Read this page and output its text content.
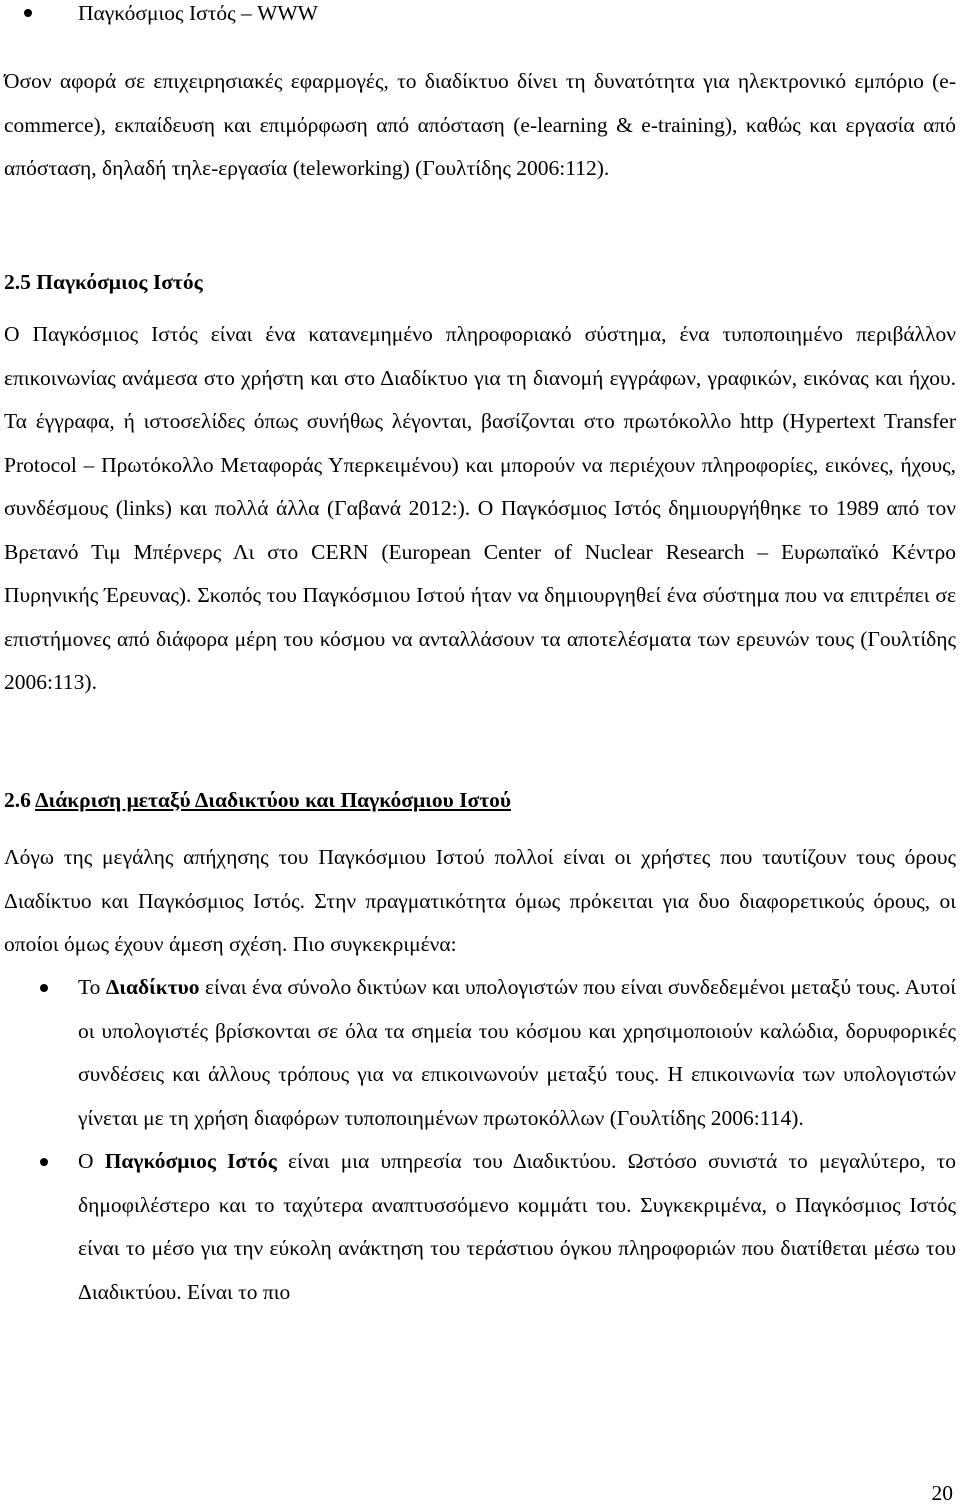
Παγκόσμιος Ιστός – WWW

Όσον αφορά σε επιχειρησιακές εφαρμογές, το διαδίκτυο δίνει τη δυνατότητα για ηλεκτρονικό εμπόριο (e-commerce), εκπαίδευση και επιμόρφωση από απόσταση (e-learning & e-training), καθώς και εργασία από απόσταση, δηλαδή τηλε-εργασία (teleworking) (Γουλτίδης 2006:112).

2.5 Παγκόσμιος Ιστός

Ο Παγκόσμιος Ιστός είναι ένα κατανεμημένο πληροφοριακό σύστημα, ένα τυποποιημένο περιβάλλον επικοινωνίας ανάμεσα στο χρήστη και στο Διαδίκτυο για τη διανομή εγγράφων, γραφικών, εικόνας και ήχου. Τα έγγραφα, ή ιστοσελίδες όπως συνήθως λέγονται, βασίζονται στο πρωτόκολλο http (Hypertext Transfer Protocol – Πρωτόκολλο Μεταφοράς Υπερκειμένου) και μπορούν να περιέχουν πληροφορίες, εικόνες, ήχους, συνδέσμους (links) και πολλά άλλα (Γαβανά 2012:). Ο Παγκόσμιος Ιστός δημιουργήθηκε το 1989 από τον Βρετανό Τιμ Μπέρνερς Λι στο CERN (European Center of Nuclear Research – Ευρωπαϊκό Κέντρο Πυρηνικής Έρευνας). Σκοπός του Παγκόσμιου Ιστού ήταν να δημιουργηθεί ένα σύστημα που να επιτρέπει σε επιστήμονες από διάφορα μέρη του κόσμου να ανταλλάσουν τα αποτελέσματα των ερευνών τους (Γουλτίδης 2006:113).

2.6 Διάκριση μεταξύ Διαδικτύου και Παγκόσμιου Ιστού

Λόγω της μεγάλης απήχησης του Παγκόσμιου Ιστού πολλοί είναι οι χρήστες που ταυτίζουν τους όρους Διαδίκτυο και Παγκόσμιος Ιστός. Στην πραγματικότητα όμως πρόκειται για δυο διαφορετικούς όρους, οι οποίοι όμως έχουν άμεση σχέση. Πιο συγκεκριμένα:

Το Διαδίκτυο είναι ένα σύνολο δικτύων και υπολογιστών που είναι συνδεδεμένοι μεταξύ τους. Αυτοί οι υπολογιστές βρίσκονται σε όλα τα σημεία του κόσμου και χρησιμοποιούν καλώδια, δορυφορικές συνδέσεις και άλλους τρόπους για να επικοινωνούν μεταξύ τους. Η επικοινωνία των υπολογιστών γίνεται με τη χρήση διαφόρων τυποποιημένων πρωτοκόλλων (Γουλτίδης 2006:114).

Ο Παγκόσμιος Ιστός είναι μια υπηρεσία του Διαδικτύου. Ωστόσο συνιστά το μεγαλύτερο, το δημοφιλέστερο και το ταχύτερα αναπτυσσόμενο κομμάτι του. Συγκεκριμένα, ο Παγκόσμιος Ιστός είναι το μέσο για την εύκολη ανάκτηση του τεράστιου όγκου πληροφοριών που διατίθεται μέσω του Διαδικτύου. Είναι το πιο

20
